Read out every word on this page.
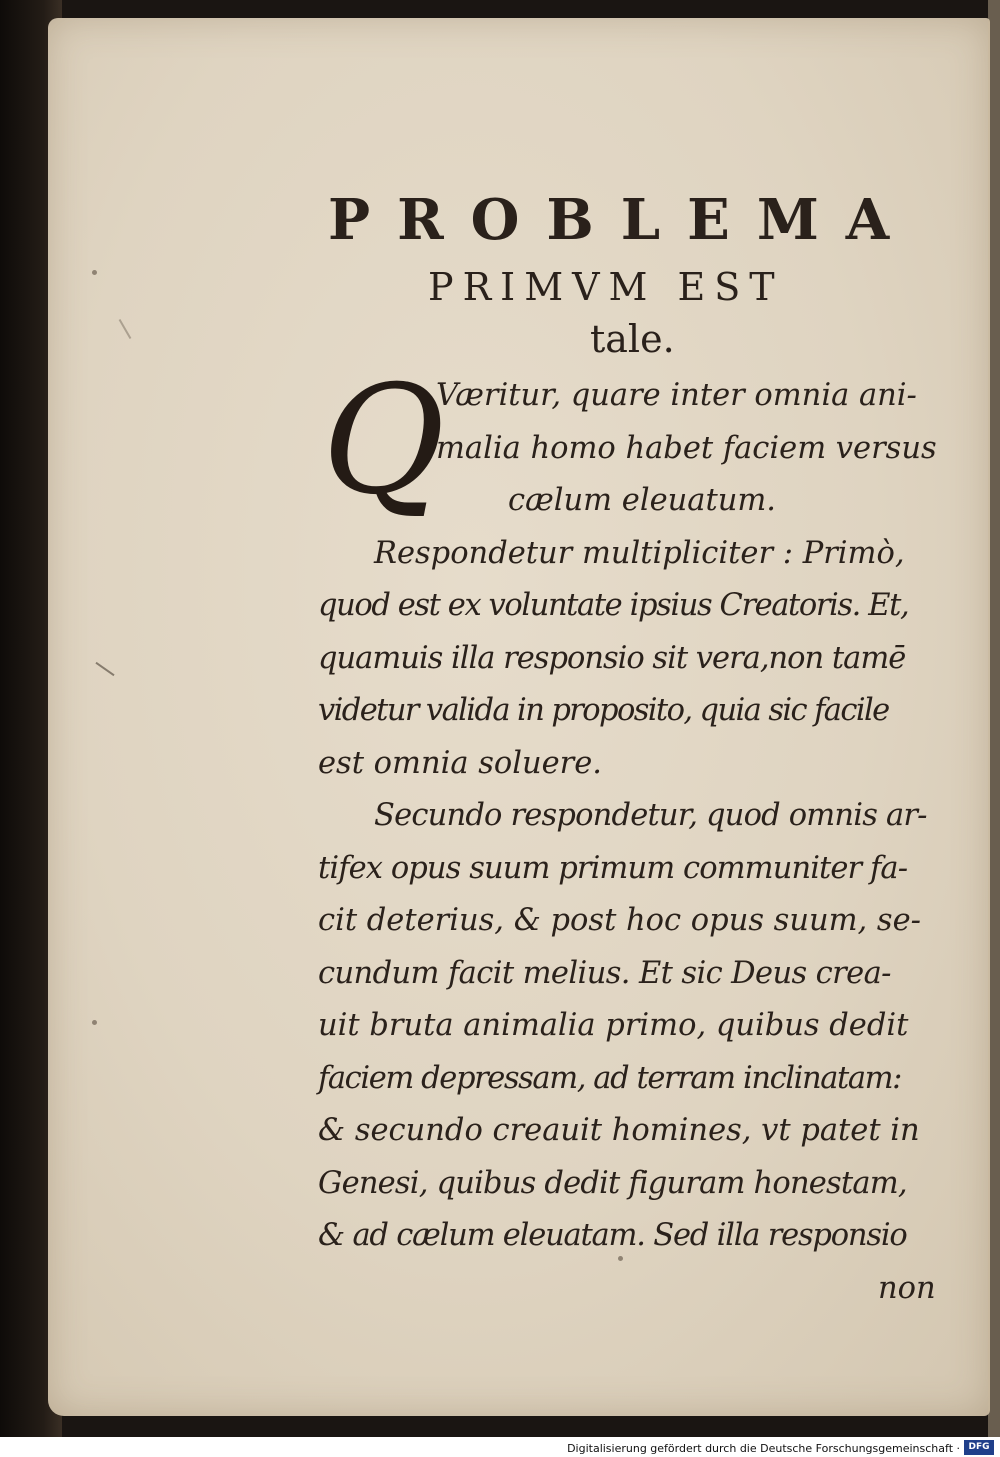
PROBLEMA
PRIMVM EST
tale.
Q
Væritur, quare inter omnia ani-
malia homo habet faciem versus
cælum eleuatum.
Respondetur multipliciter : Primò,
quod est ex voluntate ipsius Creatoris. Et,
quamuis illa responsio sit vera,non tamē
videtur valida in proposito, quia sic facile
est omnia soluere.
Secundo respondetur, quod omnis ar-
tifex opus suum primum communiter fa-
cit deterius, & post hoc opus suum, se-
cundum facit melius. Et sic Deus crea-
uit bruta animalia primo, quibus dedit
faciem depressam, ad terram inclinatam:
& secundo creauit homines, vt patet in
Genesi, quibus dedit figuram honestam,
& ad cælum eleuatam. Sed illa responsio
non
Digitalisierung gefördert durch die Deutsche Forschungsgemeinschaft · DFG
